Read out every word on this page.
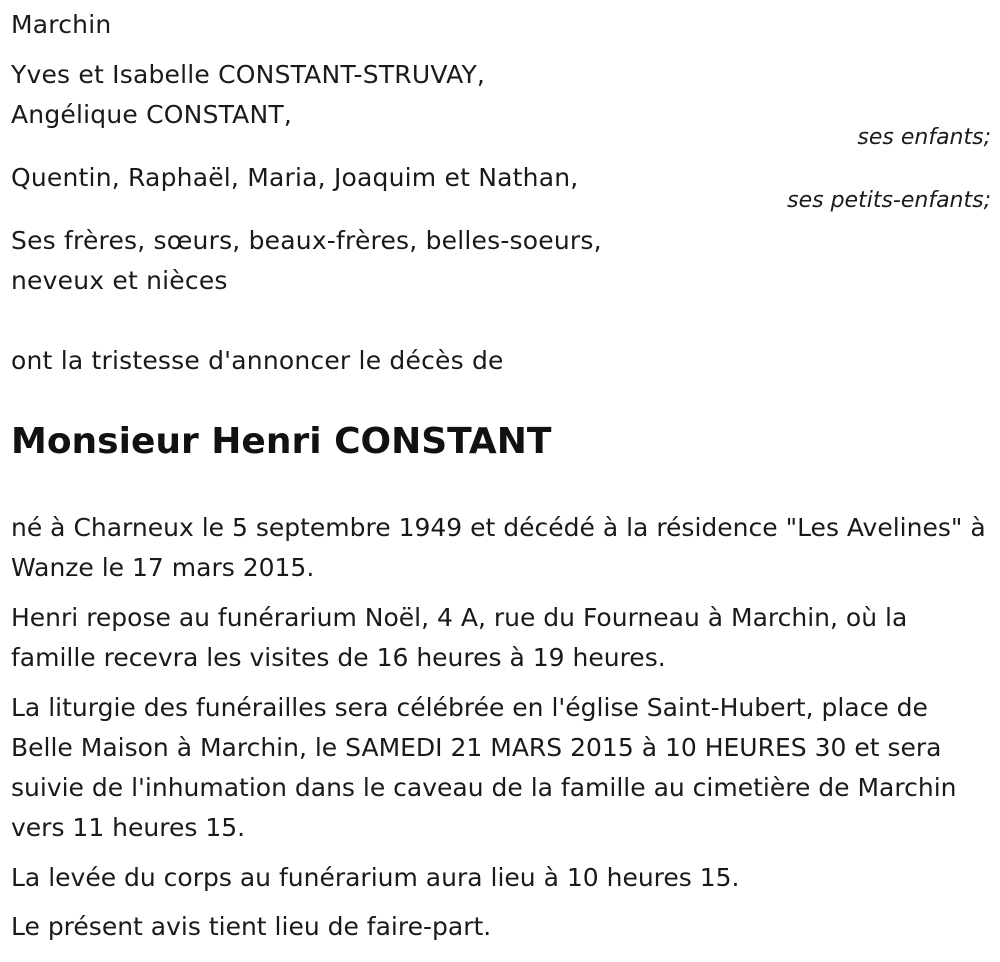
Marchin
Yves et Isabelle CONSTANT-STRUVAY,
Angélique CONSTANT,
ses enfants;
Quentin, Raphaël, Maria, Joaquim et Nathan,
ses petits-enfants;
Ses frères, sœurs, beaux-frères, belles-soeurs,
neveux et nièces
ont la tristesse d'annoncer le décès de
Monsieur Henri CONSTANT
né à Charneux le 5 septembre 1949 et décédé à la résidence "Les Avelines" à Wanze le 17 mars 2015.
Henri repose au funérarium Noël, 4 A, rue du Fourneau à Marchin, où la famille recevra les visites de 16 heures à 19 heures.
La liturgie des funérailles sera célébrée en l'église Saint-Hubert, place de Belle Maison à Marchin, le SAMEDI 21 MARS 2015 à 10 HEURES 30 et sera suivie de l'inhumation dans le caveau de la famille au cimetière de Marchin vers 11 heures 15.
La levée du corps au funérarium aura lieu à 10 heures 15.
Le présent avis tient lieu de faire-part.
